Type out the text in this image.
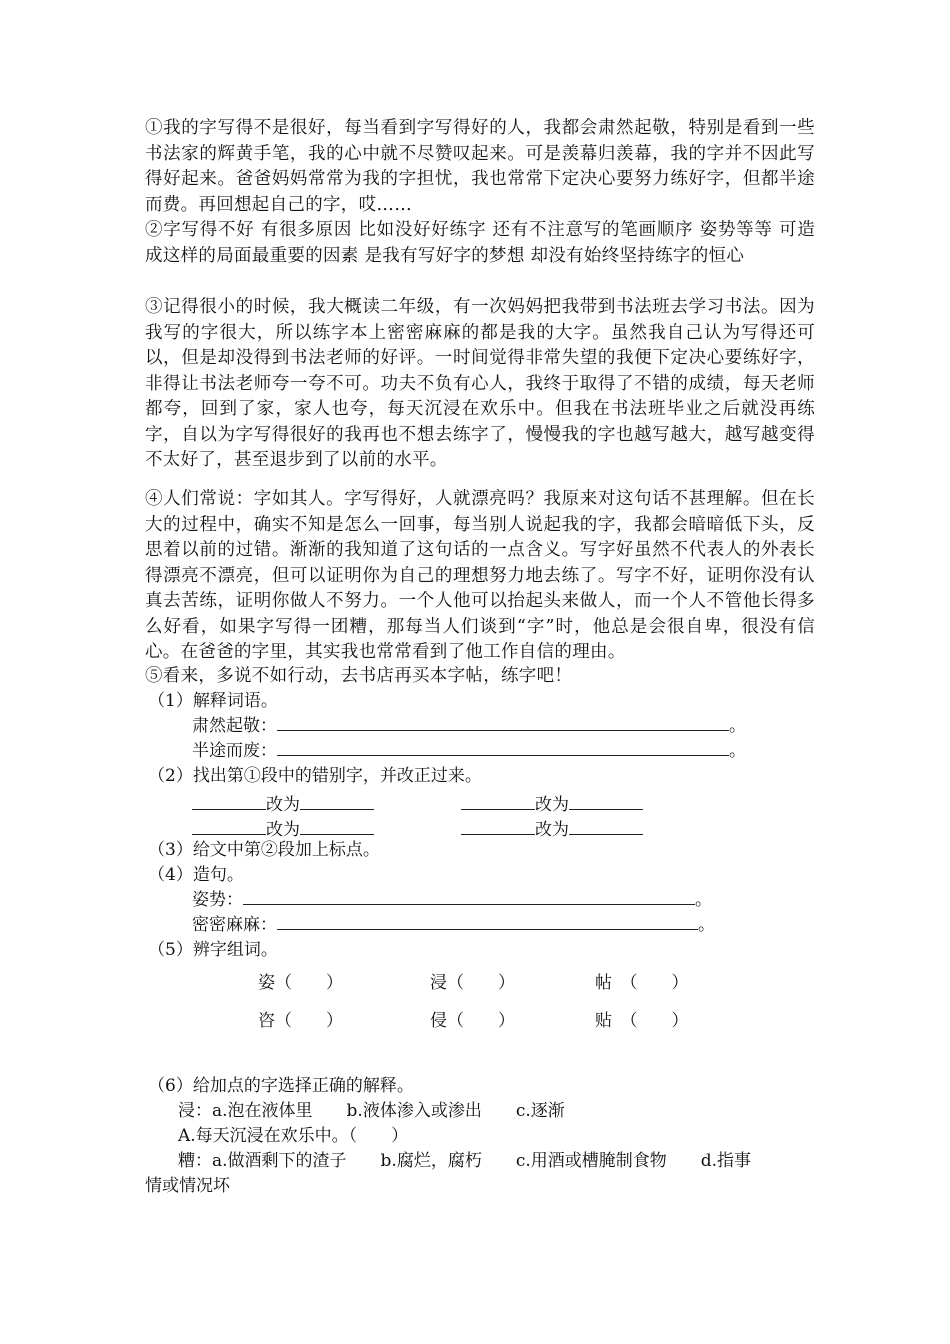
①我的字写得不是很好，每当看到字写得好的人，我都会肃然起敬，特别是看到一些书法家的辉黄手笔，我的心中就不尽赞叹起来。可是羡幕归羡幕，我的字并不因此写得好起来。爸爸妈妈常常为我的字担忧，我也常常下定决心要努力练好字，但都半途而费。再回想起自己的字，哎……
②字写得不好 有很多原因 比如没好好练字 还有不注意写的笔画顺序 姿势等等 可造成这样的局面最重要的因素 是我有写好字的梦想 却没有始终坚持练字的恒心
③记得很小的时候，我大概读二年级，有一次妈妈把我带到书法班去学习书法。因为我写的字很大，所以练字本上密密麻麻的都是我的大字。虽然我自己认为写得还可以，但是却没得到书法老师的好评。一时间觉得非常失望的我便下定决心要练好字，非得让书法老师夸一夸不可。功夫不负有心人，我终于取得了不错的成绩，每天老师都夸，回到了家，家人也夸，每天沉浸在欢乐中。但我在书法班毕业之后就没再练字，自以为字写得很好的我再也不想去练字了，慢慢我的字也越写越大，越写越变得不太好了，甚至退步到了以前的水平。
④人们常说：字如其人。字写得好，人就漂亮吗？我原来对这句话不甚理解。但在长大的过程中，确实不知是怎么一回事，每当别人说起我的字，我都会暗暗低下头，反思着以前的过错。渐渐的我知道了这句话的一点含义。写字好虽然不代表人的外表长得漂亮不漂亮，但可以证明你为自己的理想努力地去练了。写字不好，证明你没有认真去苦练，证明你做人不努力。一个人他可以抬起头来做人，而一个人不管他长得多么好看，如果字写得一团糟，那每当人们谈到“字”时，他总是会很自卑，很没有信心。在爸爸的字里，其实我也常常看到了他工作自信的理由。
⑤看来，多说不如行动，去书店再买本字帖，练字吧！
（1）解释词语。
肃然起敬：	。
半途而废：	。
（2）找出第①段中的错别字，并改正过来。
改为	改为
改为	改为
（3）给文中第②段加上标点。
（4）造句。
姿势：	。
密密麻麻：	。
（5）辨字组词。
姿（　　）	浸（　　）	帖　（　　）
咨（　　）	侵（　　）	贴　（　　）
（6）给加点的字选择正确的解释。
浸：a.泡在液体里　　b.液体渗入或渗出　　c.逐渐
A.每天沉浸在欢乐中。（　　）
糟：a.做酒剩下的渣子　　b.腐烂，腐朽　　c.用酒或槽腌制食物　　d.指事
情或情况坏
